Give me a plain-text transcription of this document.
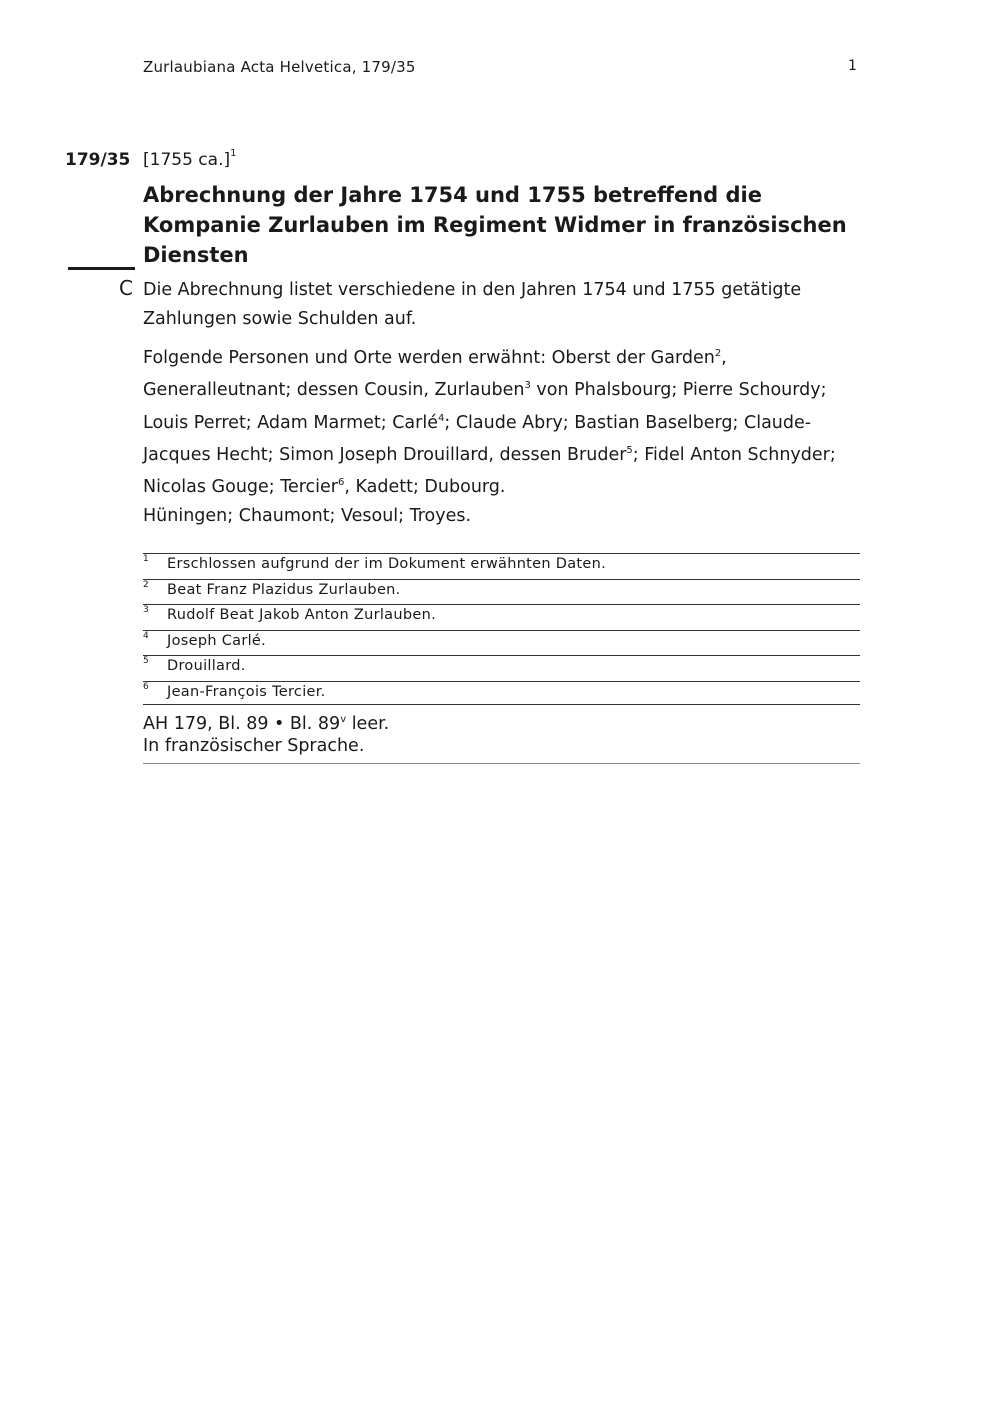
Zurlaubiana Acta Helvetica, 179/35	1
179/35 [1755 ca.]$^1$
Abrechnung der Jahre 1754 und 1755 betreffend die Kompanie Zurlauben im Regiment Widmer in französischen Diensten
C Die Abrechnung listet verschiedene in den Jahren 1754 und 1755 getätigte Zahlungen sowie Schulden auf.

Folgende Personen und Orte werden erwähnt: Oberst der Garden$^2$, Generalleutnant; dessen Cousin, Zurlauben$^3$ von Phalsbourg; Pierre Schourdy; Louis Perret; Adam Marmet; Carlé$^4$; Claude Abry; Bastian Baselberg; Claude-Jacques Hecht; Simon Joseph Drouillard, dessen Bruder$^5$; Fidel Anton Schnyder; Nicolas Gouge; Tercier$^6$, Kadett; Dubourg.

Hüningen; Chaumont; Vesoul; Troyes.

1 Erschlossen aufgrund der im Dokument erwähnten Daten.
2 Beat Franz Plazidus Zurlauben.
3 Rudolf Beat Jakob Anton Zurlauben.
4 Joseph Carlé.
5 Drouillard.
6 Jean-François Tercier.
AH 179, Bl. 89 • Bl. 89$^v$ leer.
In französischer Sprache.
